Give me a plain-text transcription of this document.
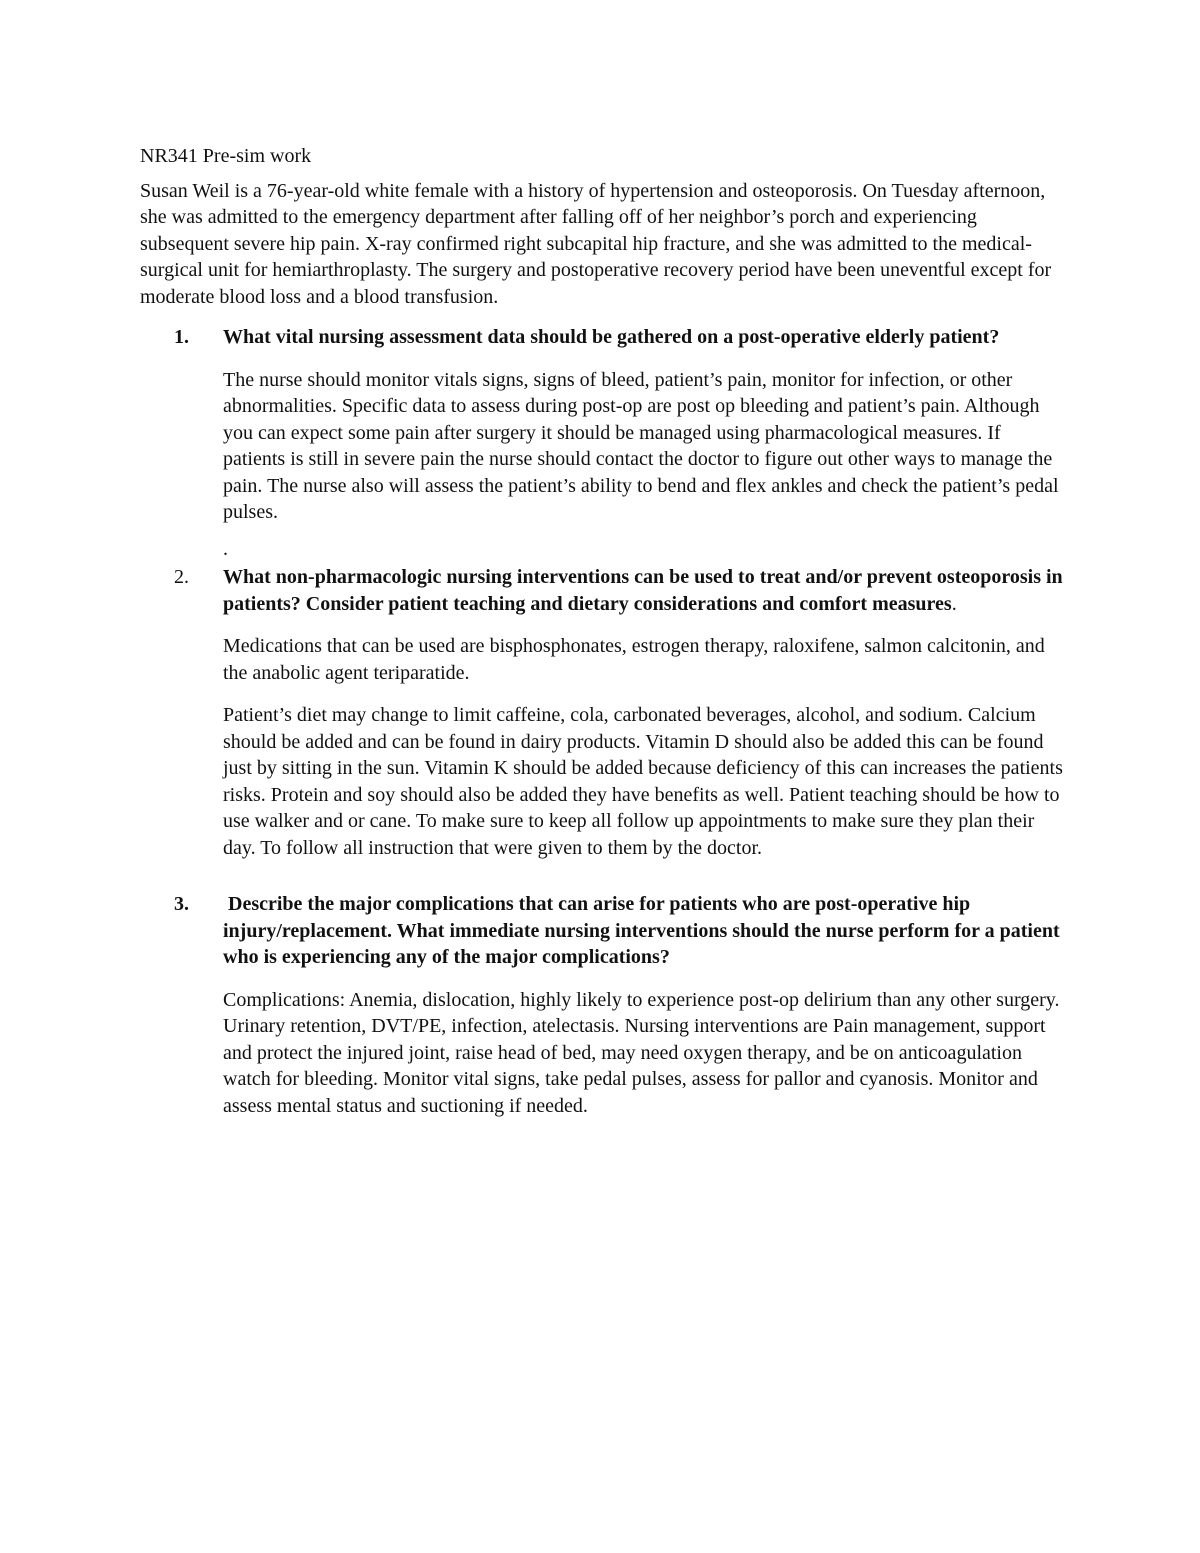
NR341 Pre-sim work

Susan Weil is a 76-year-old white female with a history of hypertension and osteoporosis. On Tuesday afternoon, she was admitted to the emergency department after falling off of her neighbor’s porch and experiencing subsequent severe hip pain. X-ray confirmed right subcapital hip fracture, and she was admitted to the medical-surgical unit for hemiarthroplasty. The surgery and postoperative recovery period have been uneventful except for moderate blood loss and a blood transfusion.

1. What vital nursing assessment data should be gathered on a post-operative elderly patient?

The nurse should monitor vitals signs, signs of bleed, patient’s pain, monitor for infection, or other abnormalities. Specific data to assess during post-op are post op bleeding and patient’s pain. Although you can expect some pain after surgery it should be managed using pharmacological measures. If patients is still in severe pain the nurse should contact the doctor to figure out other ways to manage the pain. The nurse also will assess the patient’s ability to bend and flex ankles and check the patient’s pedal pulses.

.
2. What non-pharmacologic nursing interventions can be used to treat and/or prevent osteoporosis in patients? Consider patient teaching and dietary considerations and comfort measures.

Medications that can be used are bisphosphonates, estrogen therapy, raloxifene, salmon calcitonin, and the anabolic agent teriparatide.

Patient’s diet may change to limit caffeine, cola, carbonated beverages, alcohol, and sodium. Calcium should be added and can be found in dairy products. Vitamin D should also be added this can be found just by sitting in the sun. Vitamin K should be added because deficiency of this can increases the patients risks. Protein and soy should also be added they have benefits as well. Patient teaching should be how to use walker and or cane. To make sure to keep all follow up appointments to make sure they plan their day. To follow all instruction that were given to them by the doctor.

3. Describe the major complications that can arise for patients who are post-operative hip injury/replacement. What immediate nursing interventions should the nurse perform for a patient who is experiencing any of the major complications?

Complications: Anemia, dislocation, highly likely to experience post-op delirium than any other surgery. Urinary retention, DVT/PE, infection, atelectasis. Nursing interventions are Pain management, support and protect the injured joint, raise head of bed, may need oxygen therapy, and be on anticoagulation watch for bleeding. Monitor vital signs, take pedal pulses, assess for pallor and cyanosis. Monitor and assess mental status and suctioning if needed.
